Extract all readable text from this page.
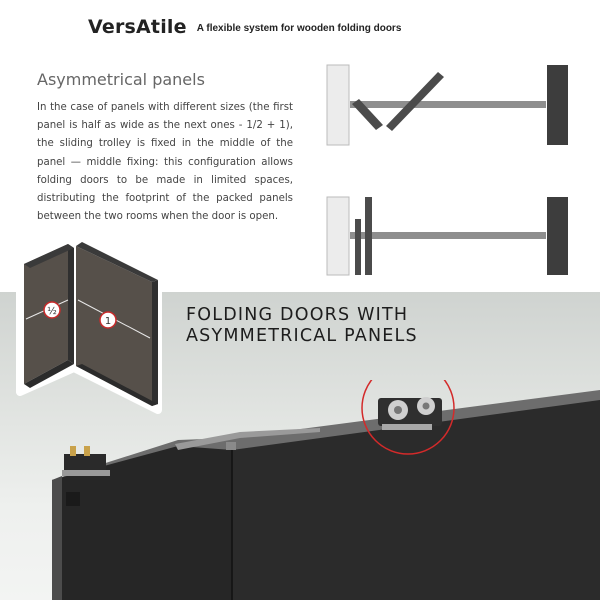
VersAtile A flexible system for wooden folding doors
Asymmetrical panels
In the case of panels with different sizes (the first panel is half as wide as the next ones - 1/2 + 1), the sliding trolley is fixed in the middle of the panel — middle fixing: this configuration allows folding doors to be made in limited spaces, distributing the footprint of the packed panels between the two rooms when the door is open.
½
1	FOLDING DOORS WITH
ASYMMETRICAL PANELS
